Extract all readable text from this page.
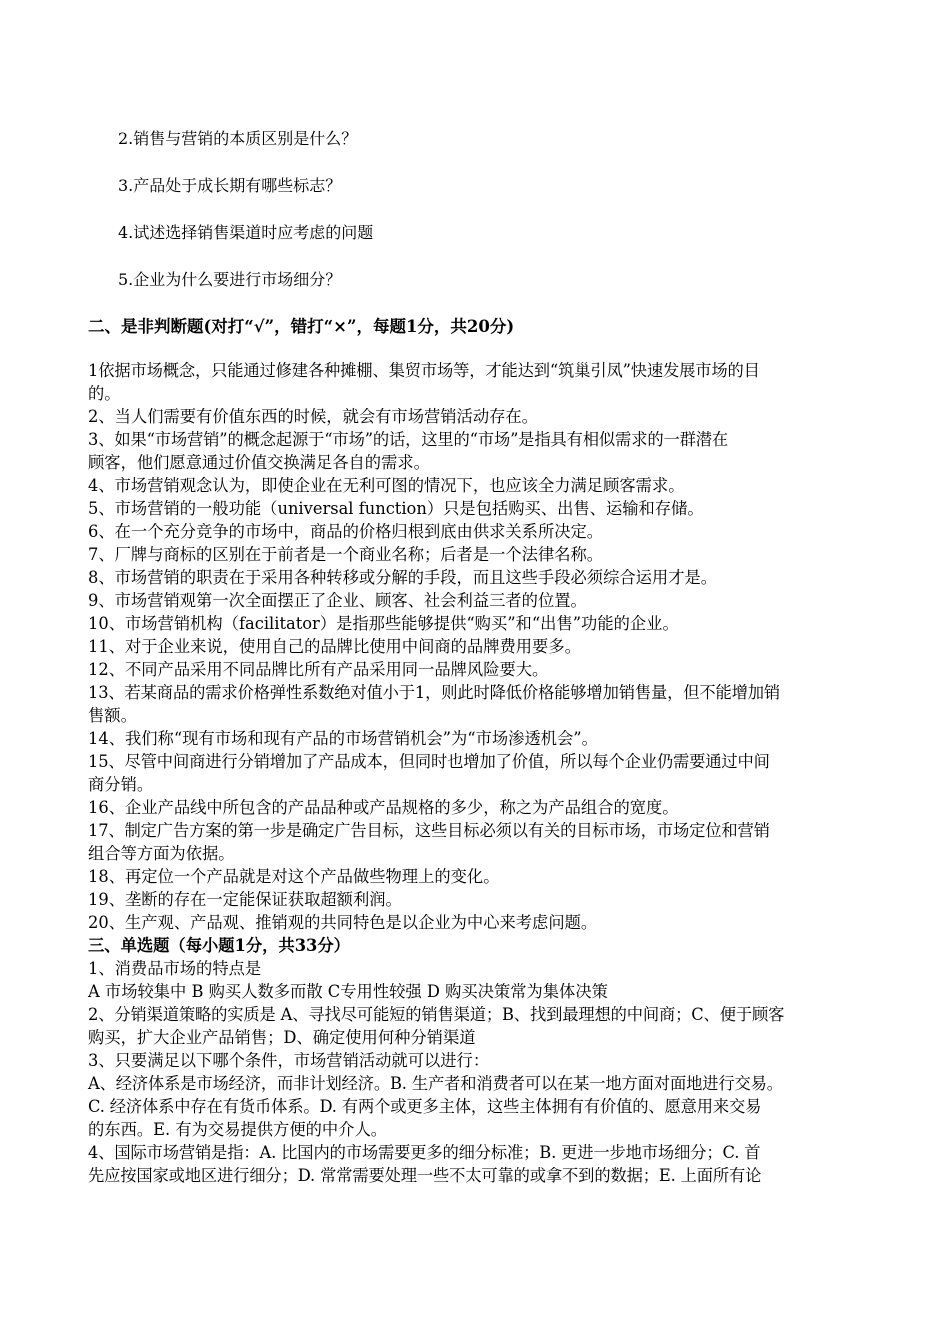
2.销售与营销的本质区别是什么？
3.产品处于成长期有哪些标志？
4.试述选择销售渠道时应考虑的问题
5.企业为什么要进行市场细分？
二、是非判断题(对打“√”，错打“×”，每题1分，共20分)
1依据市场概念，只能通过修建各种摊棚、集贸市场等，才能达到“筑巢引凤”快速发展市场的目
的。
2、当人们需要有价值东西的时候，就会有市场营销活动存在。
3、如果“市场营销”的概念起源于“市场”的话，这里的“市场”是指具有相似需求的一群潜在
顾客，他们愿意通过价值交换满足各自的需求。
4、市场营销观念认为，即使企业在无利可图的情况下，也应该全力满足顾客需求。
5、市场营销的一般功能（universal function）只是包括购买、出售、运输和存储。
6、在一个充分竞争的市场中，商品的价格归根到底由供求关系所决定。
7、厂牌与商标的区别在于前者是一个商业名称；后者是一个法律名称。
8、市场营销的职责在于采用各种转移或分解的手段，而且这些手段必须综合运用才是。
9、市场营销观第一次全面摆正了企业、顾客、社会利益三者的位置。
10、市场营销机构（facilitator）是指那些能够提供“购买”和“出售”功能的企业。
11、对于企业来说，使用自己的品牌比使用中间商的品牌费用要多。
12、不同产品采用不同品牌比所有产品采用同一品牌风险要大。
13、若某商品的需求价格弹性系数绝对值小于1，则此时降低价格能够增加销售量，但不能增加销
售额。
14、我们称“现有市场和现有产品的市场营销机会”为“市场渗透机会”。
15、尽管中间商进行分销增加了产品成本，但同时也增加了价值，所以每个企业仍需要通过中间
商分销。
16、企业产品线中所包含的产品品种或产品规格的多少，称之为产品组合的宽度。
17、制定广告方案的第一步是确定广告目标，这些目标必须以有关的目标市场，市场定位和营销
组合等方面为依据。
18、再定位一个产品就是对这个产品做些物理上的变化。
19、垄断的存在一定能保证获取超额利润。
20、生产观、产品观、推销观的共同特色是以企业为中心来考虑问题。
三、单选题（每小题1分，共33分）
1、消费品市场的特点是
A 市场较集中 B 购买人数多而散 C专用性较强 D 购买决策常为集体决策
2、分销渠道策略的实质是 A、寻找尽可能短的销售渠道；B、找到最理想的中间商；C、便于顾客
购买，扩大企业产品销售；D、确定使用何种分销渠道
3、只要满足以下哪个条件，市场营销活动就可以进行：
A、经济体系是市场经济，而非计划经济。B. 生产者和消费者可以在某一地方面对面地进行交易。
C. 经济体系中存在有货币体系。D. 有两个或更多主体，这些主体拥有有价值的、愿意用来交易
的东西。E. 有为交易提供方便的中介人。
4、国际市场营销是指：A. 比国内的市场需要更多的细分标准；B. 更进一步地市场细分；C. 首
先应按国家或地区进行细分；D. 常常需要处理一些不太可靠的或拿不到的数据；E. 上面所有论
